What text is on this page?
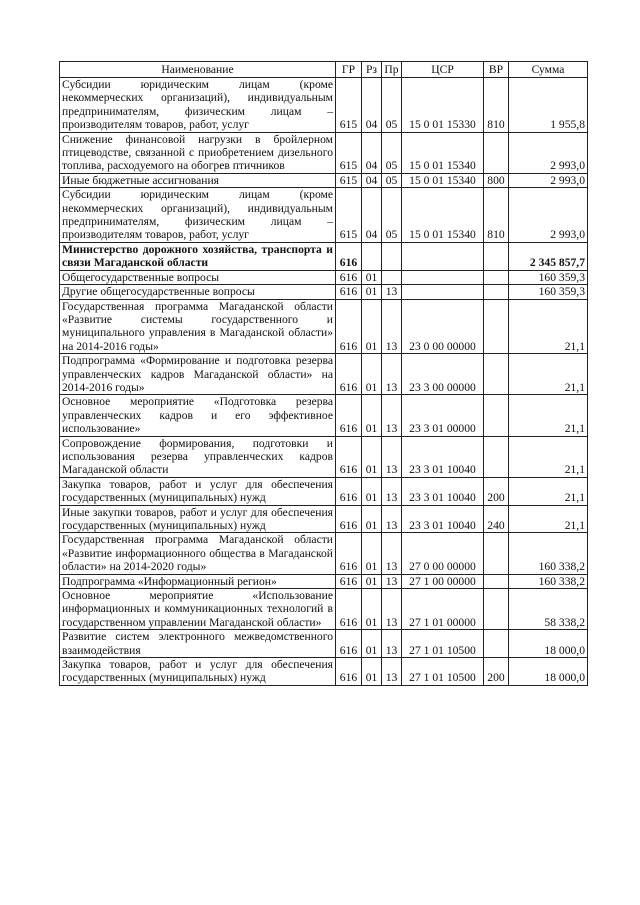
Наименование	ГР	Рз	Пр	ЦСР	ВР	Сумма
Субсидии юридическим лицам (кроме некоммерческих организаций), индивидуальным предпринимателям, физическим лицам – производителям товаров, работ, услуг	615	04	05	15 0 01 15330	810	1 955,8
Снижение финансовой нагрузки в бройлерном птицеводстве, связанной с приобретением дизельного топлива, расходуемого на обогрев птичников	615	04	05	15 0 01 15340		2 993,0
Иные бюджетные ассигнования	615	04	05	15 0 01 15340	800	2 993,0
Субсидии юридическим лицам (кроме некоммерческих организаций), индивидуальным предпринимателям, физическим лицам – производителям товаров, работ, услуг	615	04	05	15 0 01 15340	810	2 993,0
Министерство дорожного хозяйства, транспорта и связи Магаданской области	616					2 345 857,7
Общегосударственные вопросы	616	01				160 359,3
Другие общегосударственные вопросы	616	01	13			160 359,3
Государственная программа Магаданской области «Развитие системы государственного и муниципального управления в Магаданской области» на 2014-2016 годы»	616	01	13	23 0 00 00000		21,1
Подпрограмма «Формирование и подготовка резерва управленческих кадров Магаданской области» на 2014-2016 годы»	616	01	13	23 3 00 00000		21,1
Основное мероприятие «Подготовка резерва управленческих кадров и его эффективное использование»	616	01	13	23 3 01 00000		21,1
Сопровождение формирования, подготовки и использования резерва управленческих кадров Магаданской области	616	01	13	23 3 01 10040		21,1
Закупка товаров, работ и услуг для обеспечения государственных (муниципальных) нужд	616	01	13	23 3 01 10040	200	21,1
Иные закупки товаров, работ и услуг для обеспечения государственных (муниципальных) нужд	616	01	13	23 3 01 10040	240	21,1
Государственная программа Магаданской области «Развитие информационного общества в Магаданской области» на 2014-2020 годы»	616	01	13	27 0 00 00000		160 338,2
Подпрограмма «Информационный регион»	616	01	13	27 1 00 00000		160 338,2
Основное мероприятие «Использование информационных и коммуникационных технологий в государственном управлении Магаданской области»	616	01	13	27 1 01 00000		58 338,2
Развитие систем электронного межведомственного взаимодействия	616	01	13	27 1 01 10500		18 000,0
Закупка товаров, работ и услуг для обеспечения государственных (муниципальных) нужд	616	01	13	27 1 01 10500	200	18 000,0
